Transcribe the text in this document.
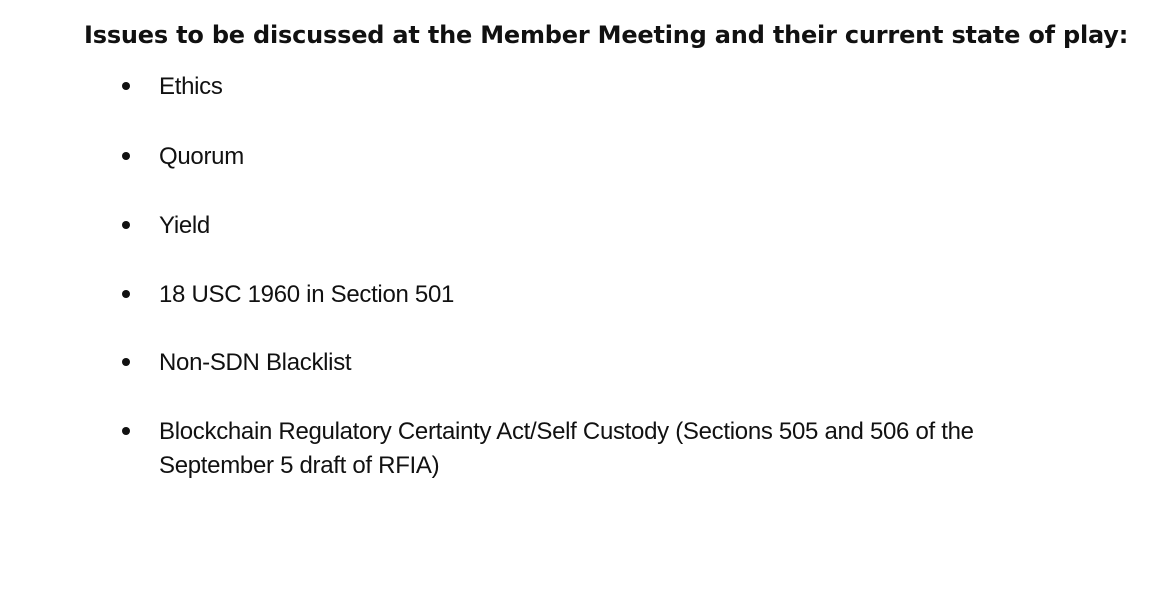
Issues to be discussed at the Member Meeting and their current state of play:
Ethics
Quorum
Yield
18 USC 1960 in Section 501
Non-SDN Blacklist
Blockchain Regulatory Certainty Act/Self Custody (Sections 505 and 506 of the September 5 draft of RFIA)
